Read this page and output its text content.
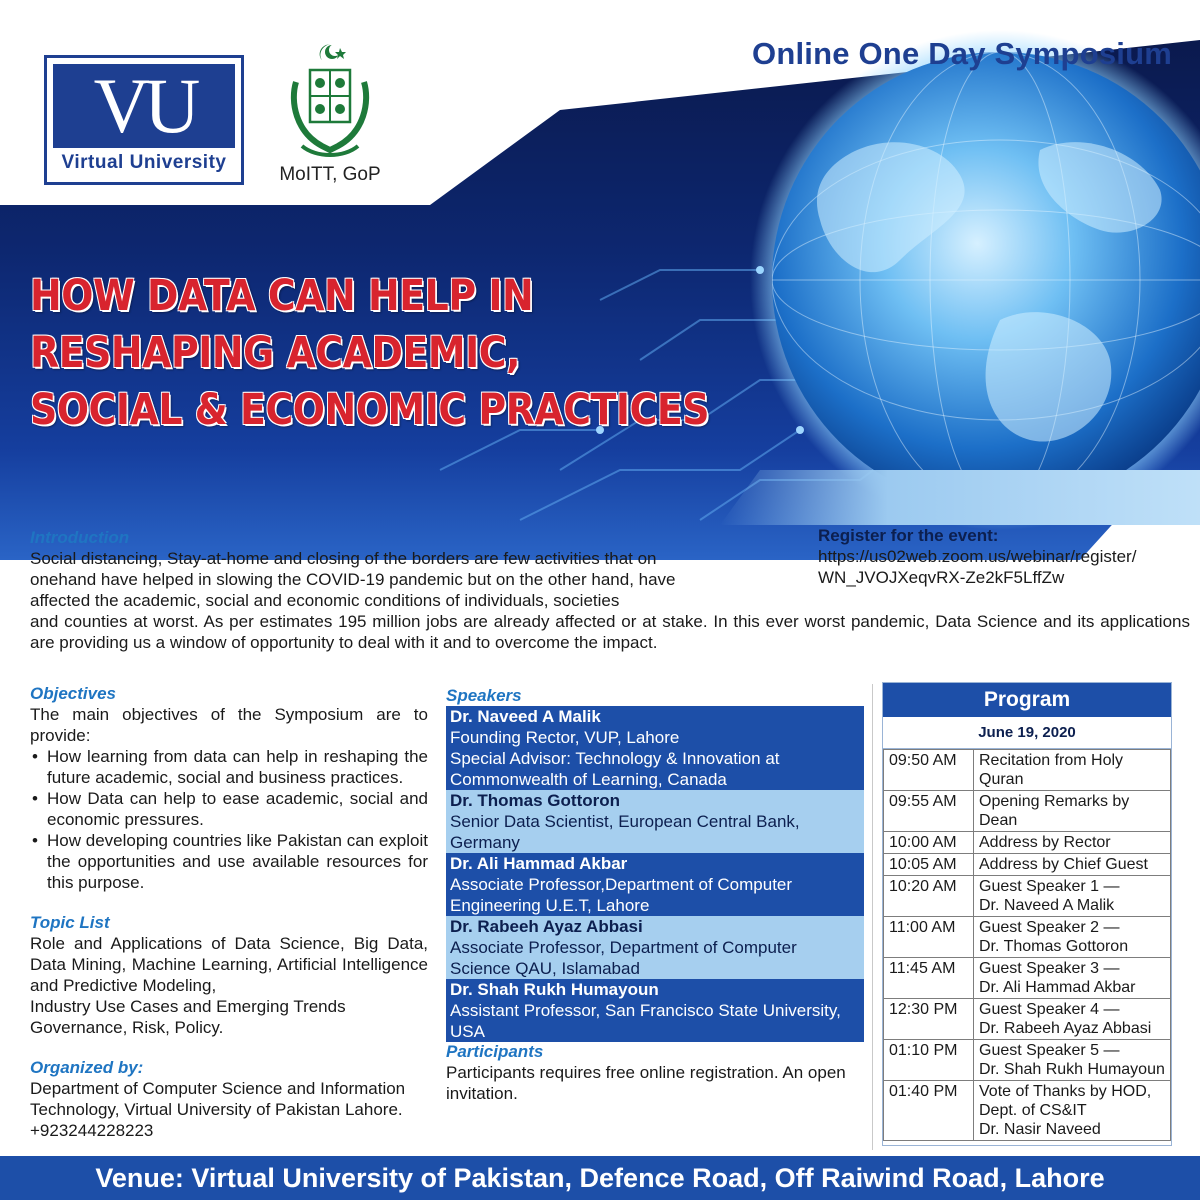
VU
Virtual University
MoITT, GoP
Online One Day Symposium
HOW DATA CAN HELP IN
RESHAPING ACADEMIC,
SOCIAL & ECONOMIC PRACTICES
Introduction

Social distancing, Stay-at-home and closing of the borders are few activities that on onehand have helped in slowing the COVID-19 pandemic but on the other hand, have affected the academic, social and economic conditions of individuals, societies

and counties at worst. As per estimates 195 million jobs are already affected or at stake. In this ever worst pandemic, Data Science and its applications are providing us a window of opportunity to deal with it and to overcome the impact.

Register for the event:
https://us02web.zoom.us/webinar/register/
WN_JVOJXeqvRX-Ze2kF5LffZw
Objectives

The main objectives of the Symposium are to provide:

• How learning from data can help in reshaping the future academic, social and business practices.
• How Data can help to ease academic, social and economic pressures.
• How developing countries like Pakistan can exploit the opportunities and use available resources for this purpose.
Topic List

Role and Applications of Data Science, Big Data, Data Mining, Machine Learning, Artificial Intelligence and Predictive Modeling,

Industry Use Cases and Emerging Trends

Governance, Risk, Policy.

Organized by:

Department of Computer Science and Information Technology, Virtual University of Pakistan Lahore.

+923244228223

Speakers
Dr. Naveed A Malik
Founding Rector, VUP, Lahore
Special Advisor: Technology & Innovation at Commonwealth of Learning, Canada
Dr. Thomas Gottoron
Senior Data Scientist, European Central Bank, Germany
Dr. Ali Hammad Akbar
Associate Professor,Department of Computer Engineering U.E.T, Lahore
Dr. Rabeeh Ayaz Abbasi
Associate Professor, Department of Computer Science QAU, Islamabad
Dr. Shah Rukh Humayoun
Assistant Professor, San Francisco State University, USA
Participants

Participants requires free online registration. An open invitation.

Program
June 19, 2020
09:50 AM	Recitation from Holy Quran
09:55 AM	Opening Remarks by Dean
10:00 AM	Address by Rector
10:05 AM	Address by Chief Guest
10:20 AM	Guest Speaker 1 —
Dr. Naveed A Malik

11:00 AM	Guest Speaker 2 —
Dr. Thomas Gottoron

11:45 AM	Guest Speaker 3 —
Dr. Ali Hammad Akbar

12:30 PM	Guest Speaker 4 —
Dr. Rabeeh Ayaz Abbasi

01:10 PM	Guest Speaker 5 —
Dr. Shah Rukh Humayoun

01:40 PM	Vote of Thanks by HOD, Dept. of CS&IT
Dr. Nasir Naveed
Venue: Virtual University of Pakistan, Defence Road, Off Raiwind Road, Lahore
